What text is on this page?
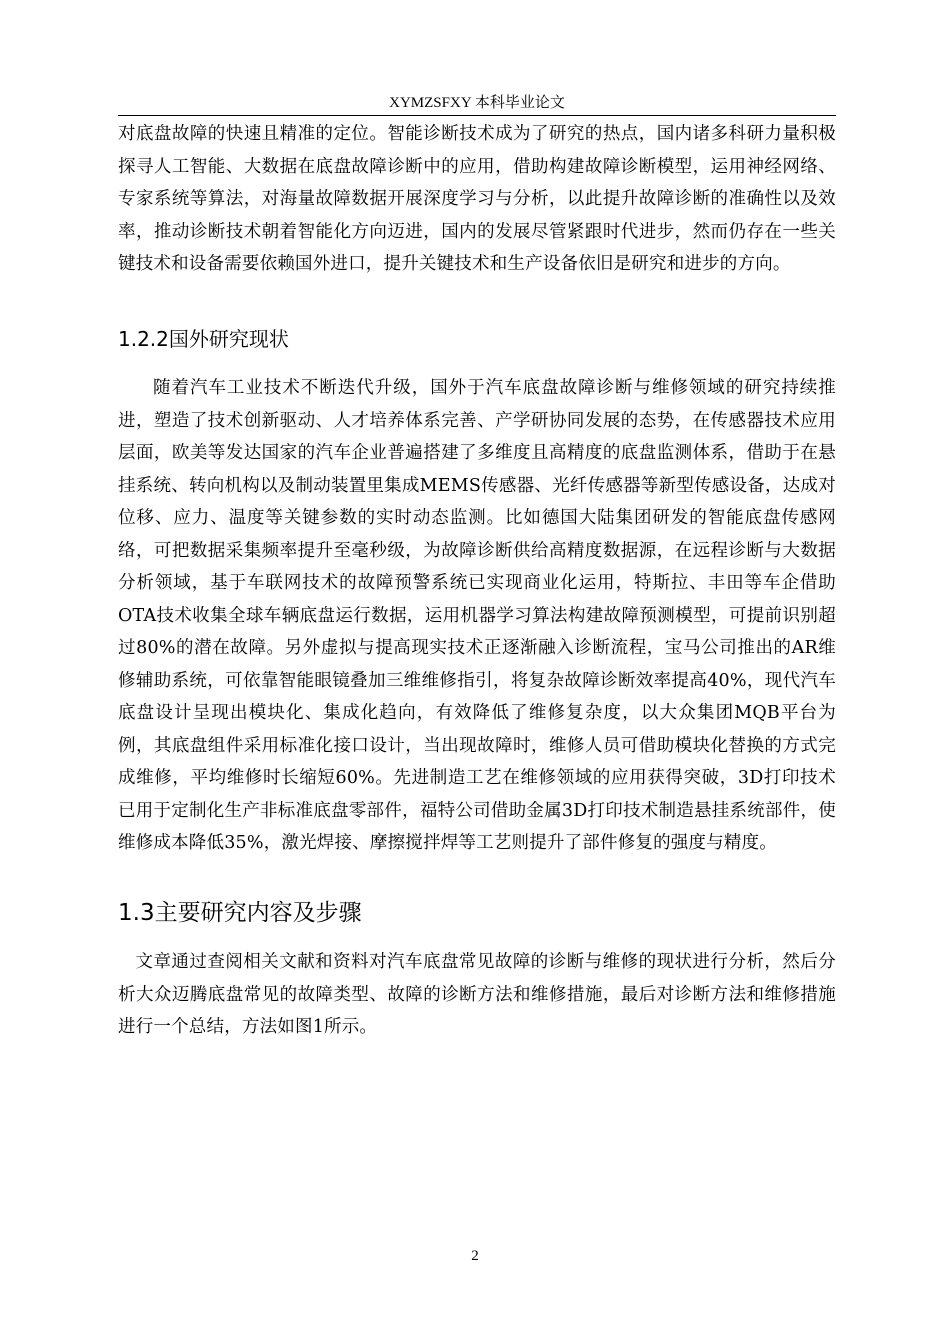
XYMZSFXY 本科毕业论文

对底盘故障的快速且精准的定位。智能诊断技术成为了研究的热点，国内诸多科研力量积极探寻人工智能、大数据在底盘故障诊断中的应用，借助构建故障诊断模型，运用神经网络、专家系统等算法，对海量故障数据开展深度学习与分析，以此提升故障诊断的准确性以及效率，推动诊断技术朝着智能化方向迈进，国内的发展尽管紧跟时代进步，然而仍存在一些关键技术和设备需要依赖国外进口，提升关键技术和生产设备依旧是研究和进步的方向。

1.2.2国外研究现状

随着汽车工业技术不断迭代升级，国外于汽车底盘故障诊断与维修领域的研究持续推进，塑造了技术创新驱动、人才培养体系完善、产学研协同发展的态势，在传感器技术应用层面，欧美等发达国家的汽车企业普遍搭建了多维度且高精度的底盘监测体系，借助于在悬挂系统、转向机构以及制动装置里集成MEMS传感器、光纤传感器等新型传感设备，达成对位移、应力、温度等关键参数的实时动态监测。比如德国大陆集团研发的智能底盘传感网络，可把数据采集频率提升至毫秒级，为故障诊断供给高精度数据源，在远程诊断与大数据分析领域，基于车联网技术的故障预警系统已实现商业化运用，特斯拉、丰田等车企借助OTA技术收集全球车辆底盘运行数据，运用机器学习算法构建故障预测模型，可提前识别超过80%的潜在故障。另外虚拟与提高现实技术正逐渐融入诊断流程，宝马公司推出的AR维修辅助系统，可依靠智能眼镜叠加三维维修指引，将复杂故障诊断效率提高40%，现代汽车底盘设计呈现出模块化、集成化趋向，有效降低了维修复杂度，以大众集团MQB平台为例，其底盘组件采用标准化接口设计，当出现故障时，维修人员可借助模块化替换的方式完成维修，平均维修时长缩短60%。先进制造工艺在维修领域的应用获得突破，3D打印技术已用于定制化生产非标准底盘零部件，福特公司借助金属3D打印技术制造悬挂系统部件，使维修成本降低35%，激光焊接、摩擦搅拌焊等工艺则提升了部件修复的强度与精度。

1.3主要研究内容及步骤

文章通过查阅相关文献和资料对汽车底盘常见故障的诊断与维修的现状进行分析，然后分析大众迈腾底盘常见的故障类型、故障的诊断方法和维修措施，最后对诊断方法和维修措施进行一个总结，方法如图1所示。

2
